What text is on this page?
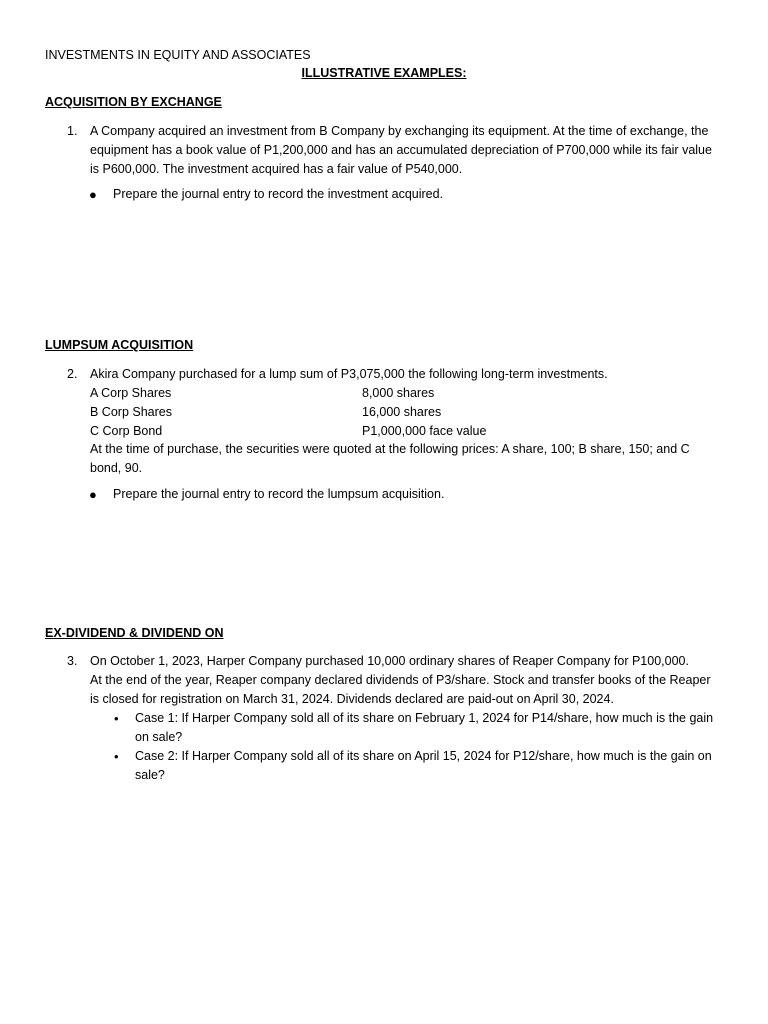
INVESTMENTS IN EQUITY AND ASSOCIATES
ILLUSTRATIVE EXAMPLES:
ACQUISITION BY EXCHANGE
1. A Company acquired an investment from B Company by exchanging its equipment. At the time of exchange, the
equipment has a book value of P1,200,000 and has an accumulated depreciation of P700,000 while its fair value
is P600,000. The investment acquired has a fair value of P540,000.
● Prepare the journal entry to record the investment acquired.
LUMPSUM ACQUISITION
2. Akira Company purchased for a lump sum of P3,075,000 the following long-term investments.
A Corp Shares	8,000 shares
B Corp Shares	16,000 shares
C Corp Bond	P1,000,000 face value
At the time of purchase, the securities were quoted at the following prices: A share, 100; B share, 150; and C
bond, 90.
● Prepare the journal entry to record the lumpsum acquisition.
EX-DIVIDEND & DIVIDEND ON
3. On October 1, 2023, Harper Company purchased 10,000 ordinary shares of Reaper Company for P100,000.
At the end of the year, Reaper company declared dividends of P3/share. Stock and transfer books of the Reaper
is closed for registration on March 31, 2024. Dividends declared are paid-out on April 30, 2024.
• Case 1: If Harper Company sold all of its share on February 1, 2024 for P14/share, how much is the gain
on sale?
• Case 2: If Harper Company sold all of its share on April 15, 2024 for P12/share, how much is the gain on
sale?
